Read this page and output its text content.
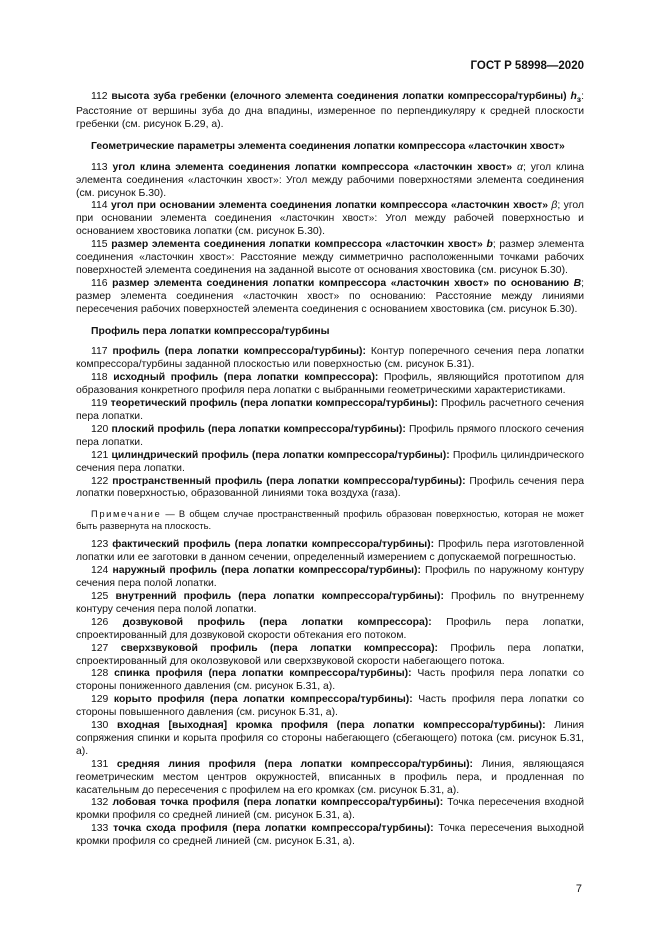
ГОСТ Р 58998—2020

112 высота зуба гребенки (елочного элемента соединения лопатки компрессора/турбины) $h_з$: Расстояние от вершины зуба до дна впадины, измеренное по перпендикуляру к средней плоскости гребенки (см. рисунок Б.29, а).

Геометрические параметры элемента соединения лопатки компрессора «ласточкин хвост»

113 угол клина элемента соединения лопатки компрессора «ласточкин хвост» α; угол клина элемента соединения «ласточкин хвост»: Угол между рабочими поверхностями элемента соединения (см. рисунок Б.30).

114 угол при основании элемента соединения лопатки компрессора «ласточкин хвост» β; угол при основании элемента соединения «ласточкин хвост»: Угол между рабочей поверхностью и основанием хвостовика лопатки (см. рисунок Б.30).

115 размер элемента соединения лопатки компрессора «ласточкин хвост» b; размер элемента соединения «ласточкин хвост»: Расстояние между симметрично расположенными точками рабочих поверхностей элемента соединения на заданной высоте от основания хвостовика (см. рисунок Б.30).

116 размер элемента соединения лопатки компрессора «ласточкин хвост» по основанию B; размер элемента соединения «ласточкин хвост» по основанию: Расстояние между линиями пересечения рабочих поверхностей элемента соединения с основанием хвостовика (см. рисунок Б.30).

Профиль пера лопатки компрессора/турбины

117 профиль (пера лопатки компрессора/турбины): Контур поперечного сечения пера лопатки компрессора/турбины заданной плоскостью или поверхностью (см. рисунок Б.31).

118 исходный профиль (пера лопатки компрессора): Профиль, являющийся прототипом для образования конкретного профиля пера лопатки с выбранными геометрическими характеристиками.

119 теоретический профиль (пера лопатки компрессора/турбины): Профиль расчетного сечения пера лопатки.

120 плоский профиль (пера лопатки компрессора/турбины): Профиль прямого плоского сечения пера лопатки.

121 цилиндрический профиль (пера лопатки компрессора/турбины): Профиль цилиндрического сечения пера лопатки.

122 пространственный профиль (пера лопатки компрессора/турбины): Профиль сечения пера лопатки поверхностью, образованной линиями тока воздуха (газа).

Примечание — В общем случае пространственный профиль образован поверхностью, которая не может быть развернута на плоскость.

123 фактический профиль (пера лопатки компрессора/турбины): Профиль пера изготовленной лопатки или ее заготовки в данном сечении, определенный измерением с допускаемой погрешностью.

124 наружный профиль (пера лопатки компрессора/турбины): Профиль по наружному контуру сечения пера полой лопатки.

125 внутренний профиль (пера лопатки компрессора/турбины): Профиль по внутреннему контуру сечения пера полой лопатки.

126 дозвуковой профиль (пера лопатки компрессора): Профиль пера лопатки, спроектированный для дозвуковой скорости обтекания его потоком.

127 сверхзвуковой профиль (пера лопатки компрессора): Профиль пера лопатки, спроектированный для околозвуковой или сверхзвуковой скорости набегающего потока.

128 спинка профиля (пера лопатки компрессора/турбины): Часть профиля пера лопатки со стороны пониженного давления (см. рисунок Б.31, а).

129 корыто профиля (пера лопатки компрессора/турбины): Часть профиля пера лопатки со стороны повышенного давления (см. рисунок Б.31, а).

130 входная [выходная] кромка профиля (пера лопатки компрессора/турбины): Линия сопряжения спинки и корыта профиля со стороны набегающего (сбегающего) потока (см. рисунок Б.31, а).

131 средняя линия профиля (пера лопатки компрессора/турбины): Линия, являющаяся геометрическим местом центров окружностей, вписанных в профиль пера, и продленная по касательным до пересечения с профилем на его кромках (см. рисунок Б.31, а).

132 лобовая точка профиля (пера лопатки компрессора/турбины): Точка пересечения входной кромки профиля со средней линией (см. рисунок Б.31, а).

133 точка схода профиля (пера лопатки компрессора/турбины): Точка пересечения выходной кромки профиля со средней линией (см. рисунок Б.31, а).

7
